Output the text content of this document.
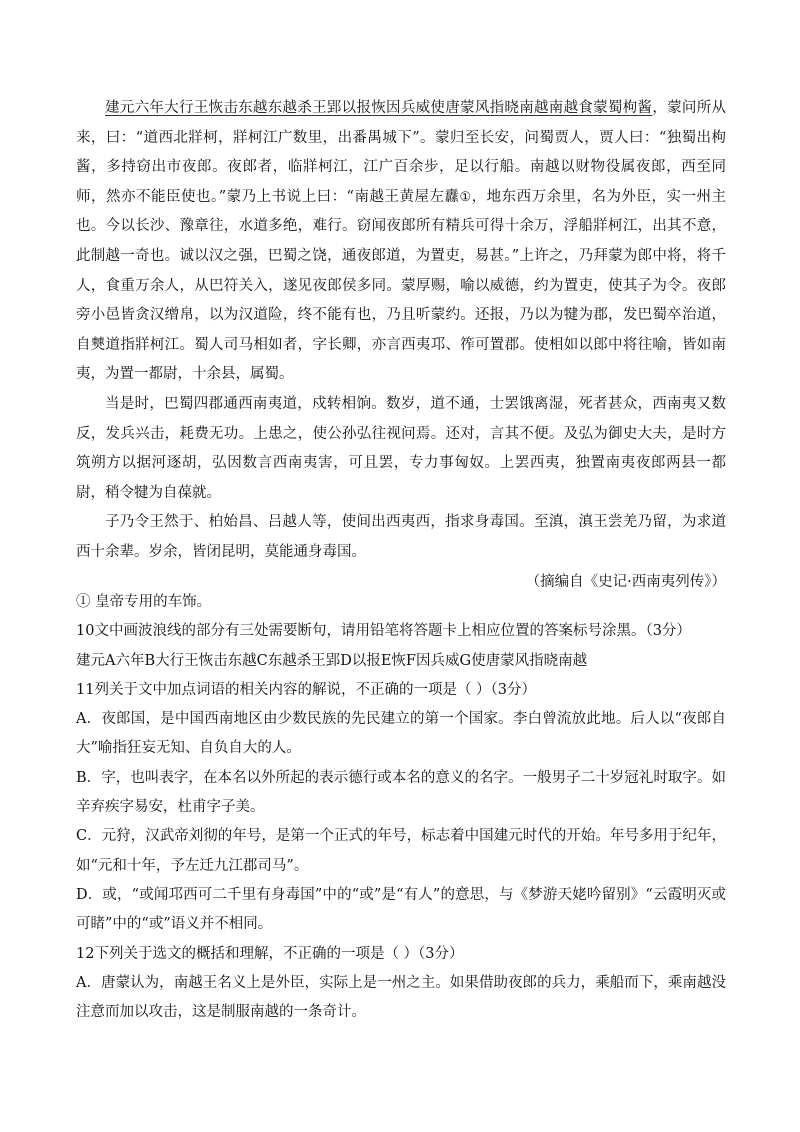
建元六年大行王恢击东越东越杀王郢以报恢因兵威使唐蒙风指晓南越南越食蒙蜀枸酱，蒙问所从来，曰：“道西北牂柯，牂柯江广数里，出番禺城下”。蒙归至长安，问蜀贾人，贾人曰：“独蜀出枸酱，多持窃出市夜郎。夜郎者，临牂柯江，江广百余步，足以行船。南越以财物役属夜郎，西至同师，然亦不能臣使也。”蒙乃上书说上曰：“南越王黄屋左纛①，地东西万余里，名为外臣，实一州主也。今以长沙、豫章往，水道多绝，难行。窃闻夜郎所有精兵可得十余万，浮船牂柯江，出其不意，此制越一奇也。诚以汉之强，巴蜀之饶，通夜郎道，为置吏，易甚。”上许之，乃拜蒙为郎中将，将千人，食重万余人，从巴符关入，遂见夜郎侯多同。蒙厚赐，喻以威德，约为置吏，使其子为令。夜郎旁小邑皆贪汉缯帛，以为汉道险，终不能有也，乃且听蒙约。还报，乃以为犍为郡，发巴蜀卒治道，自僰道指牂柯江。蜀人司马相如者，字长卿，亦言西夷邛、筰可置郡。使相如以郎中将往喻，皆如南夷，为置一都尉，十余县，属蜀。

当是时，巴蜀四郡通西南夷道，戍转相饷。数岁，道不通，士罢饿离湿，死者甚众，西南夷又数反，发兵兴击，耗费无功。上患之，使公孙弘往视问焉。还对，言其不便。及弘为御史大夫，是时方筑朔方以据河逐胡，弘因数言西南夷害，可且罢，专力事匈奴。上罢西夷，独置南夷夜郎两县一都尉，稍令犍为自葆就。

子乃令王然于、柏始昌、吕越人等，使间出西夷西，指求身毒国。至滇，滇王尝羌乃留，为求道西十余辈。岁余，皆闭昆明，莫能通身毒国。

（摘编自《史记·西南夷列传》）

① 皇帝专用的车饰。

10文中画波浪线的部分有三处需要断句，请用铅笔将答题卡上相应位置的答案标号涂黑。（3分）

建元A六年B大行王恢击东越C东越杀王郢D以报E恢F因兵威G使唐蒙风指晓南越

11列关于文中加点词语的相关内容的解说，不正确的一项是（ ）（3分）

A．夜郎国，是中国西南地区由少数民族的先民建立的第一个国家。李白曾流放此地。后人以“夜郎自大”喻指狂妄无知、自负自大的人。

B．字，也叫表字，在本名以外所起的表示德行或本名的意义的名字。一般男子二十岁冠礼时取字。如辛弃疾字易安，杜甫字子美。

C．元狩，汉武帝刘彻的年号，是第一个正式的年号，标志着中国建元时代的开始。年号多用于纪年，如“元和十年，予左迁九江郡司马”。

D．或，“或闻邛西可二千里有身毒国”中的“或”是“有人”的意思，与《梦游天姥吟留别》“云霞明灭或可睹”中的“或”语义并不相同。

12下列关于选文的概括和理解，不正确的一项是（ ）（3分）

A．唐蒙认为，南越王名义上是外臣，实际上是一州之主。如果借助夜郎的兵力，乘船而下，乘南越没注意而加以攻击，这是制服南越的一条奇计。
